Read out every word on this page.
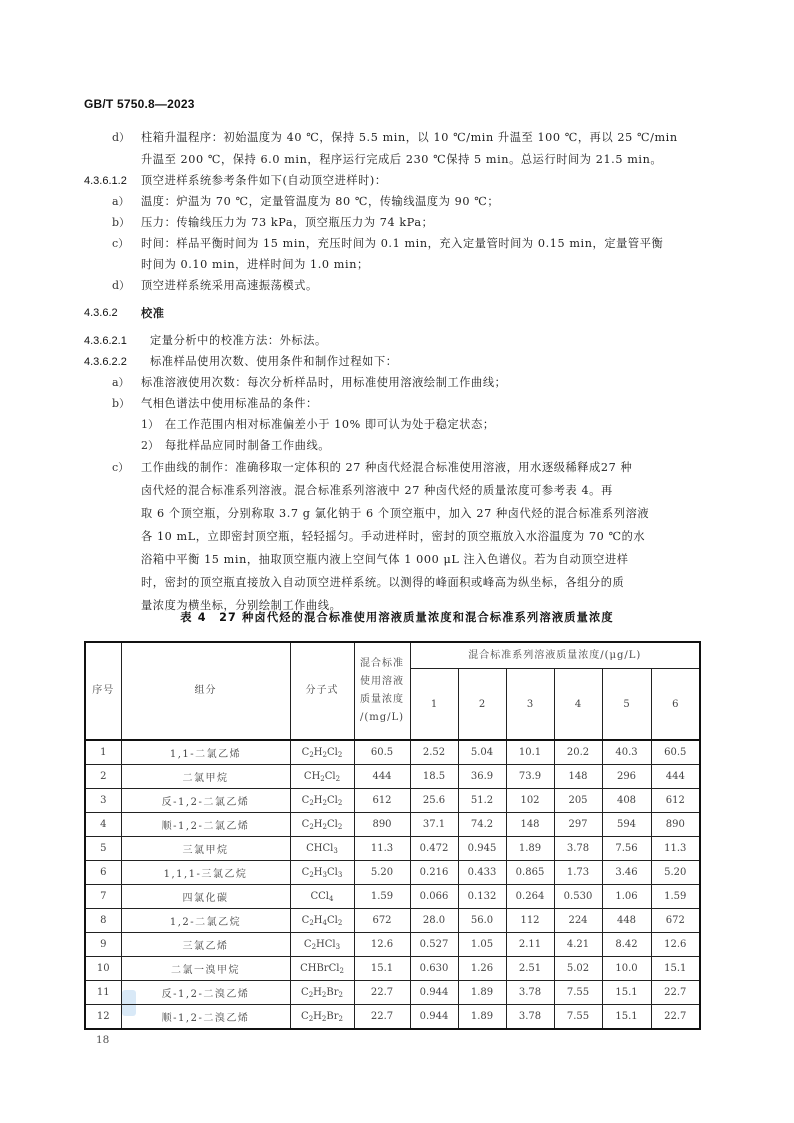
GB/T 5750.8—2023
d） 柱箱升温程序：初始温度为 40 ℃，保持 5.5 min，以 10 ℃/min 升温至 100 ℃，再以 25 ℃/min
升温至 200 ℃，保持 6.0 min，程序运行完成后 230 ℃保持 5 min。总运行时间为 21.5 min。
4.3.6.1.2 顶空进样系统参考条件如下(自动顶空进样时)：
a） 温度：炉温为 70 ℃，定量管温度为 80 ℃，传输线温度为 90 ℃；
b） 压力：传输线压力为 73 kPa，顶空瓶压力为 74 kPa；
c） 时间：样品平衡时间为 15 min，充压时间为 0.1 min，充入定量管时间为 0.15 min，定量管平衡
时间为 0.10 min，进样时间为 1.0 min；
d） 顶空进样系统采用高速振荡模式。
4.3.6.2 校准
4.3.6.2.1 定量分析中的校准方法：外标法。
4.3.6.2.2 标准样品使用次数、使用条件和制作过程如下：
a） 标准溶液使用次数：每次分析样品时，用标准使用溶液绘制工作曲线；
b） 气相色谱法中使用标准品的条件：
1） 在工作范围内相对标准偏差小于 10% 即可认为处于稳定状态；
2） 每批样品应同时制备工作曲线。
c） 工作曲线的制作：准确移取一定体积的 27 种卤代烃混合标准使用溶液，用水逐级稀释成27 种
卤代烃的混合标准系列溶液。混合标准系列溶液中 27 种卤代烃的质量浓度可参考表 4。再
取 6 个顶空瓶，分别称取 3.7 g 氯化钠于 6 个顶空瓶中，加入 27 种卤代烃的混合标准系列溶液
各 10 mL，立即密封顶空瓶，轻轻摇匀。手动进样时，密封的顶空瓶放入水浴温度为 70 ℃的水
浴箱中平衡 15 min，抽取顶空瓶内液上空间气体 1 000 μL 注入色谱仪。若为自动顶空进样
时，密封的顶空瓶直接放入自动顶空进样系统。以测得的峰面积或峰高为纵坐标，各组分的质
量浓度为横坐标，分别绘制工作曲线。
表 4　27 种卤代烃的混合标准使用溶液质量浓度和混合标准系列溶液质量浓度
序号	组分	分子式	混合标准
使用溶液
质量浓度
/(mg/L)	混合标准系列溶液质量浓度/(μg/L)					
				1	2	3	4	5	6
1	1,1-二氯乙烯	$C_2H_2Cl_2$	60.5	2.52	5.04	10.1	20.2	40.3	60.5
2	二氯甲烷	$CH_2Cl_2$	444	18.5	36.9	73.9	148	296	444
3	反-1,2-二氯乙烯	$C_2H_2Cl_2$	612	25.6	51.2	102	205	408	612
4	顺-1,2-二氯乙烯	$C_2H_2Cl_2$	890	37.1	74.2	148	297	594	890
5	三氯甲烷	CHCl$_3$	11.3	0.472	0.945	1.89	3.78	7.56	11.3
6	1,1,1-三氯乙烷	$C_2H_3Cl_3$	5.20	0.216	0.433	0.865	1.73	3.46	5.20
7	四氯化碳	CCl$_4$	1.59	0.066	0.132	0.264	0.530	1.06	1.59
8	1,2-二氯乙烷	$C_2H_4Cl_2$	672	28.0	56.0	112	224	448	672
9	三氯乙烯	$C_2HCl_3$	12.6	0.527	1.05	2.11	4.21	8.42	12.6
10	二氯一溴甲烷	CHBrCl$_2$	15.1	0.630	1.26	2.51	5.02	10.0	15.1
11	反-1,2-二溴乙烯	$C_2H_2Br_2$	22.7	0.944	1.89	3.78	7.55	15.1	22.7
12	顺-1,2-二溴乙烯	$C_2H_2Br_2$	22.7	0.944	1.89	3.78	7.55	15.1	22.7
18
